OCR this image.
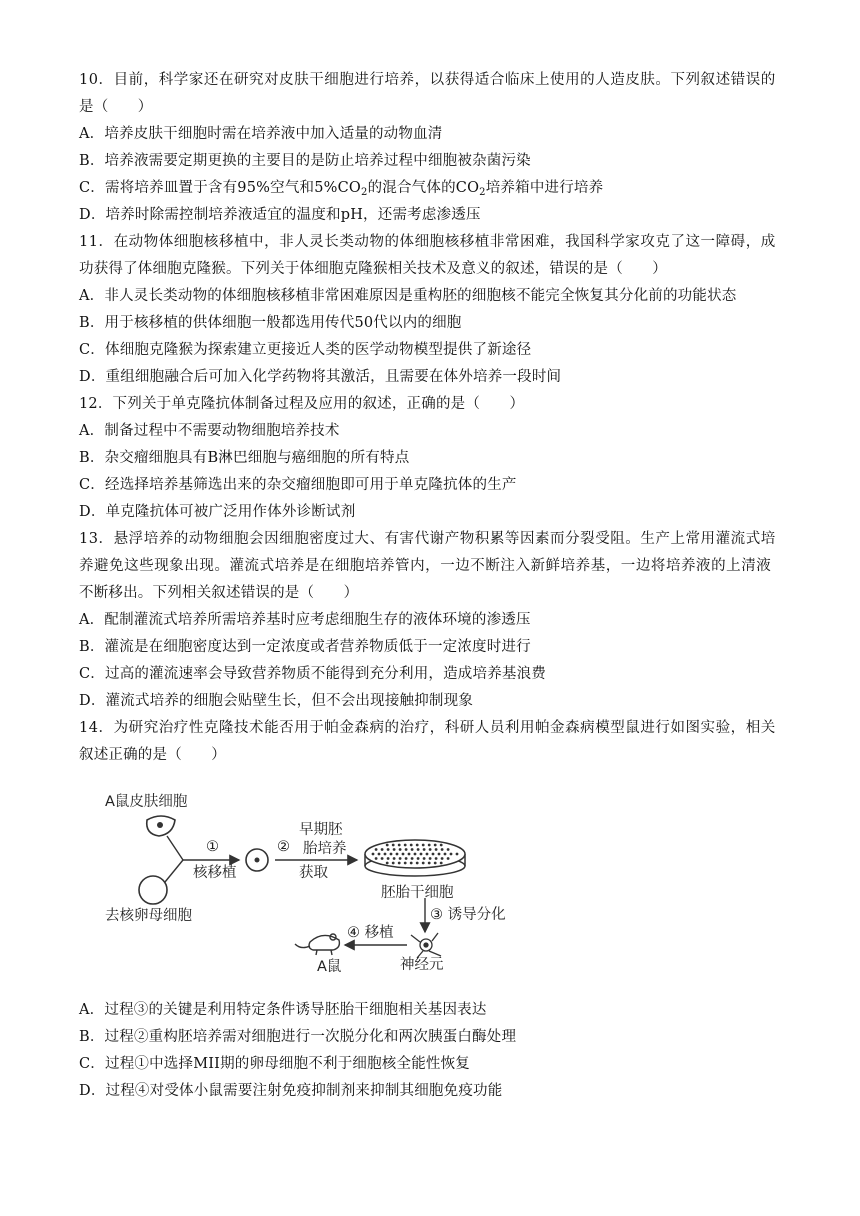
10．目前，科学家还在研究对皮肤干细胞进行培养，以获得适合临床上使用的人造皮肤。下列叙述错误的
是（　　）
A．培养皮肤干细胞时需在培养液中加入适量的动物血清
B．培养液需要定期更换的主要目的是防止培养过程中细胞被杂菌污染
C．需将培养皿置于含有95%空气和$5\%CO_2$的混合气体的$CO_2$培养箱中进行培养
D．培养时除需控制培养液适宜的温度和pH，还需考虑渗透压
11．在动物体细胞核移植中，非人灵长类动物的体细胞核移植非常困难，我国科学家攻克了这一障碍，成
功获得了体细胞克隆猴。下列关于体细胞克隆猴相关技术及意义的叙述，错误的是（　　）
A．非人灵长类动物的体细胞核移植非常困难原因是重构胚的细胞核不能完全恢复其分化前的功能状态
B．用于核移植的供体细胞一般都选用传代50代以内的细胞
C．体细胞克隆猴为探索建立更接近人类的医学动物模型提供了新途径
D．重组细胞融合后可加入化学药物将其激活，且需要在体外培养一段时间
12．下列关于单克隆抗体制备过程及应用的叙述，正确的是（　　）
A．制备过程中不需要动物细胞培养技术
B．杂交瘤细胞具有B淋巴细胞与癌细胞的所有特点
C．经选择培养基筛选出来的杂交瘤细胞即可用于单克隆抗体的生产
D．单克隆抗体可被广泛用作体外诊断试剂
13．悬浮培养的动物细胞会因细胞密度过大、有害代谢产物积累等因素而分裂受阻。生产上常用灌流式培
养避免这些现象出现。灌流式培养是在细胞培养管内，一边不断注入新鲜培养基，一边将培养液的上清液
不断移出。下列相关叙述错误的是（　　）
A．配制灌流式培养所需培养基时应考虑细胞生存的液体环境的渗透压
B．灌流是在细胞密度达到一定浓度或者营养物质低于一定浓度时进行
C．过高的灌流速率会导致营养物质不能得到充分利用，造成培养基浪费
D．灌流式培养的细胞会贴壁生长，但不会出现接触抑制现象
14．为研究治疗性克隆技术能否用于帕金森病的治疗，科研人员利用帕金森病模型鼠进行如图实验，相关
叙述正确的是（　　）
A鼠皮肤细胞
去核卵母细胞
①
核移植
②
早期胚
胎培养
获取
胚胎干细胞
③ 诱导分化
神经元
④ 移植
A鼠
A．过程③的关键是利用特定条件诱导胚胎干细胞相关基因表达
B．过程②重构胚培养需对细胞进行一次脱分化和两次胰蛋白酶处理
C．过程①中选择MII期的卵母细胞不利于细胞核全能性恢复
D．过程④对受体小鼠需要注射免疫抑制剂来抑制其细胞免疫功能
